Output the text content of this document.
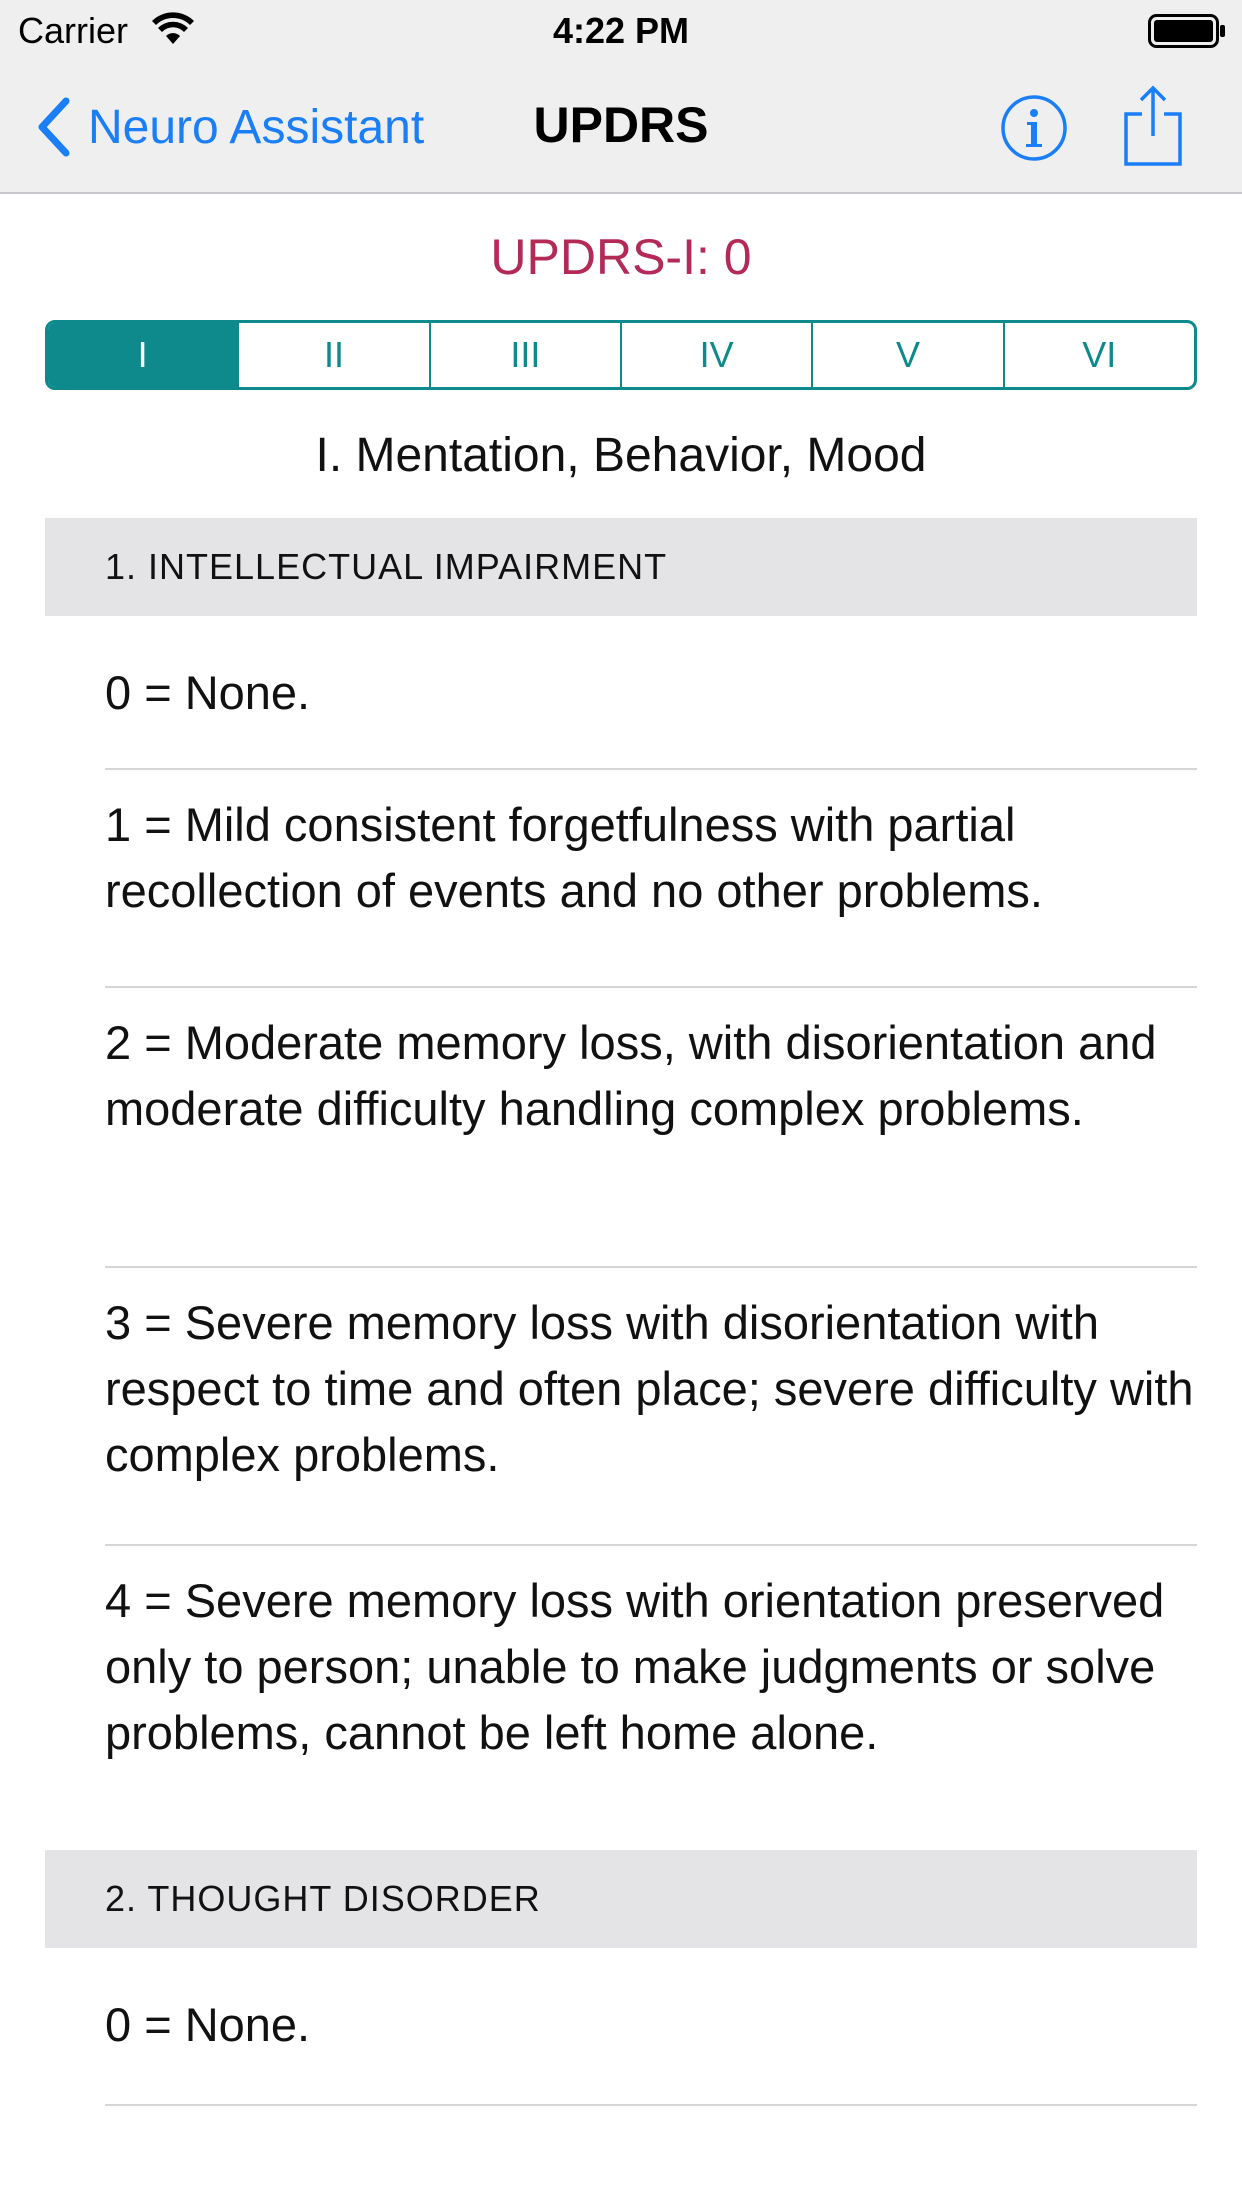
Carrier	4:22 PM
Neuro Assistant	UPDRS
UPDRS-I: 0
I	II	III	IV	V	VI
I. Mentation, Behavior, Mood
1. INTELLECTUAL IMPAIRMENT
0 = None.
1 = Mild consistent forgetfulness with partial recollection of events and no other problems.
2 = Moderate memory loss, with disorientation and moderate difficulty handling complex problems.
3 = Severe memory loss with disorientation with respect to time and often place; severe difficulty with complex problems.
4 = Severe memory loss with orientation preserved only to person; unable to make judgments or solve problems, cannot be left home alone.
2. THOUGHT DISORDER
0 = None.
